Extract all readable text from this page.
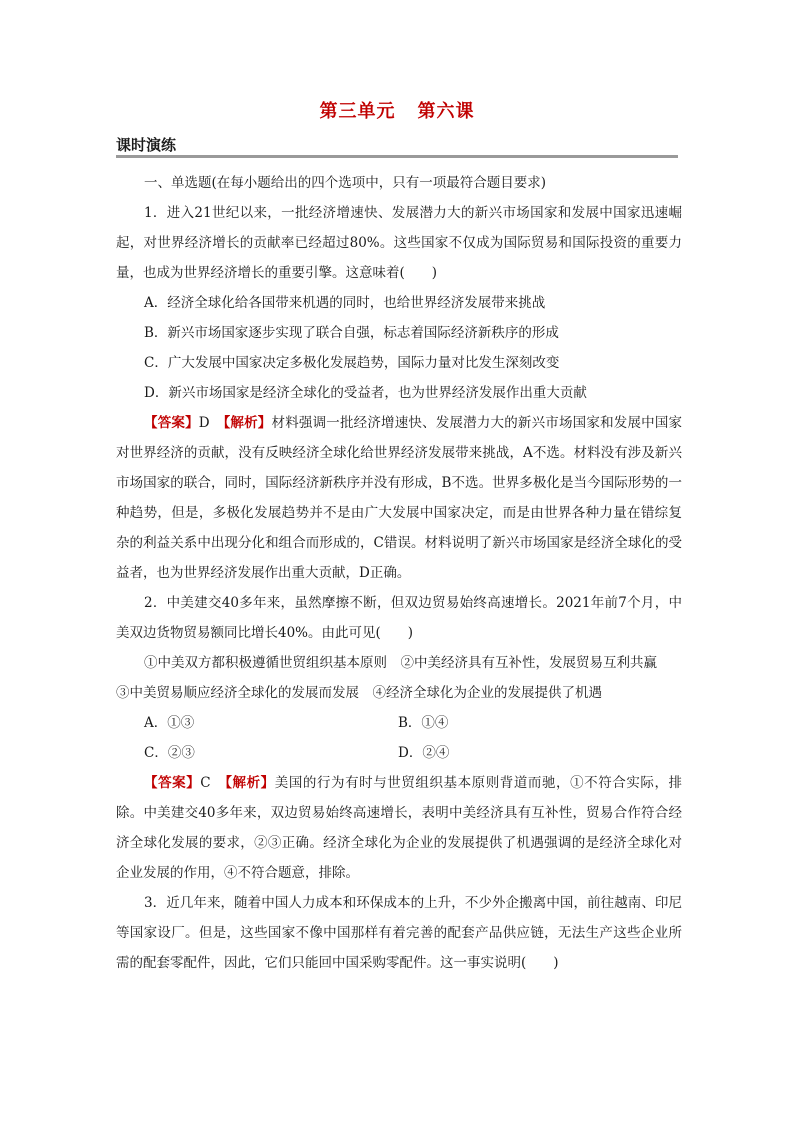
第三单元 第六课
课时演练

一、单选题(在每小题给出的四个选项中，只有一项最符合题目要求)

1．进入21世纪以来，一批经济增速快、发展潜力大的新兴市场国家和发展中国家迅速崛起，对世界经济增长的贡献率已经超过80%。这些国家不仅成为国际贸易和国际投资的重要力量，也成为世界经济增长的重要引擎。这意味着(　　)

A．经济全球化给各国带来机遇的同时，也给世界经济发展带来挑战

B．新兴市场国家逐步实现了联合自强，标志着国际经济新秩序的形成

C．广大发展中国家决定多极化发展趋势，国际力量对比发生深刻改变

D．新兴市场国家是经济全球化的受益者，也为世界经济发展作出重大贡献

【答案】D　【解析】材料强调一批经济增速快、发展潜力大的新兴市场国家和发展中国家对世界经济的贡献，没有反映经济全球化给世界经济发展带来挑战，A不选。材料没有涉及新兴市场国家的联合，同时，国际经济新秩序并没有形成，B不选。世界多极化是当今国际形势的一种趋势，但是，多极化发展趋势并不是由广大发展中国家决定，而是由世界各种力量在错综复杂的利益关系中出现分化和组合而形成的，C错误。材料说明了新兴市场国家是经济全球化的受益者，也为世界经济发展作出重大贡献，D正确。

2．中美建交40多年来，虽然摩擦不断，但双边贸易始终高速增长。2021年前7个月，中美双边货物贸易额同比增长40%。由此可见(　　)

①中美双方都积极遵循世贸组织基本原则　②中美经济具有互补性，发展贸易互利共赢

③中美贸易顺应经济全球化的发展而发展　④经济全球化为企业的发展提供了机遇

A．①③	B．①④
C．②③	D．②④

【答案】C　【解析】美国的行为有时与世贸组织基本原则背道而驰，①不符合实际，排除。中美建交40多年来，双边贸易始终高速增长，表明中美经济具有互补性，贸易合作符合经济全球化发展的要求，②③正确。经济全球化为企业的发展提供了机遇强调的是经济全球化对企业发展的作用，④不符合题意，排除。

3．近几年来，随着中国人力成本和环保成本的上升，不少外企搬离中国，前往越南、印尼等国家设厂。但是，这些国家不像中国那样有着完善的配套产品供应链，无法生产这些企业所需的配套零配件，因此，它们只能回中国采购零配件。这一事实说明(　　)
